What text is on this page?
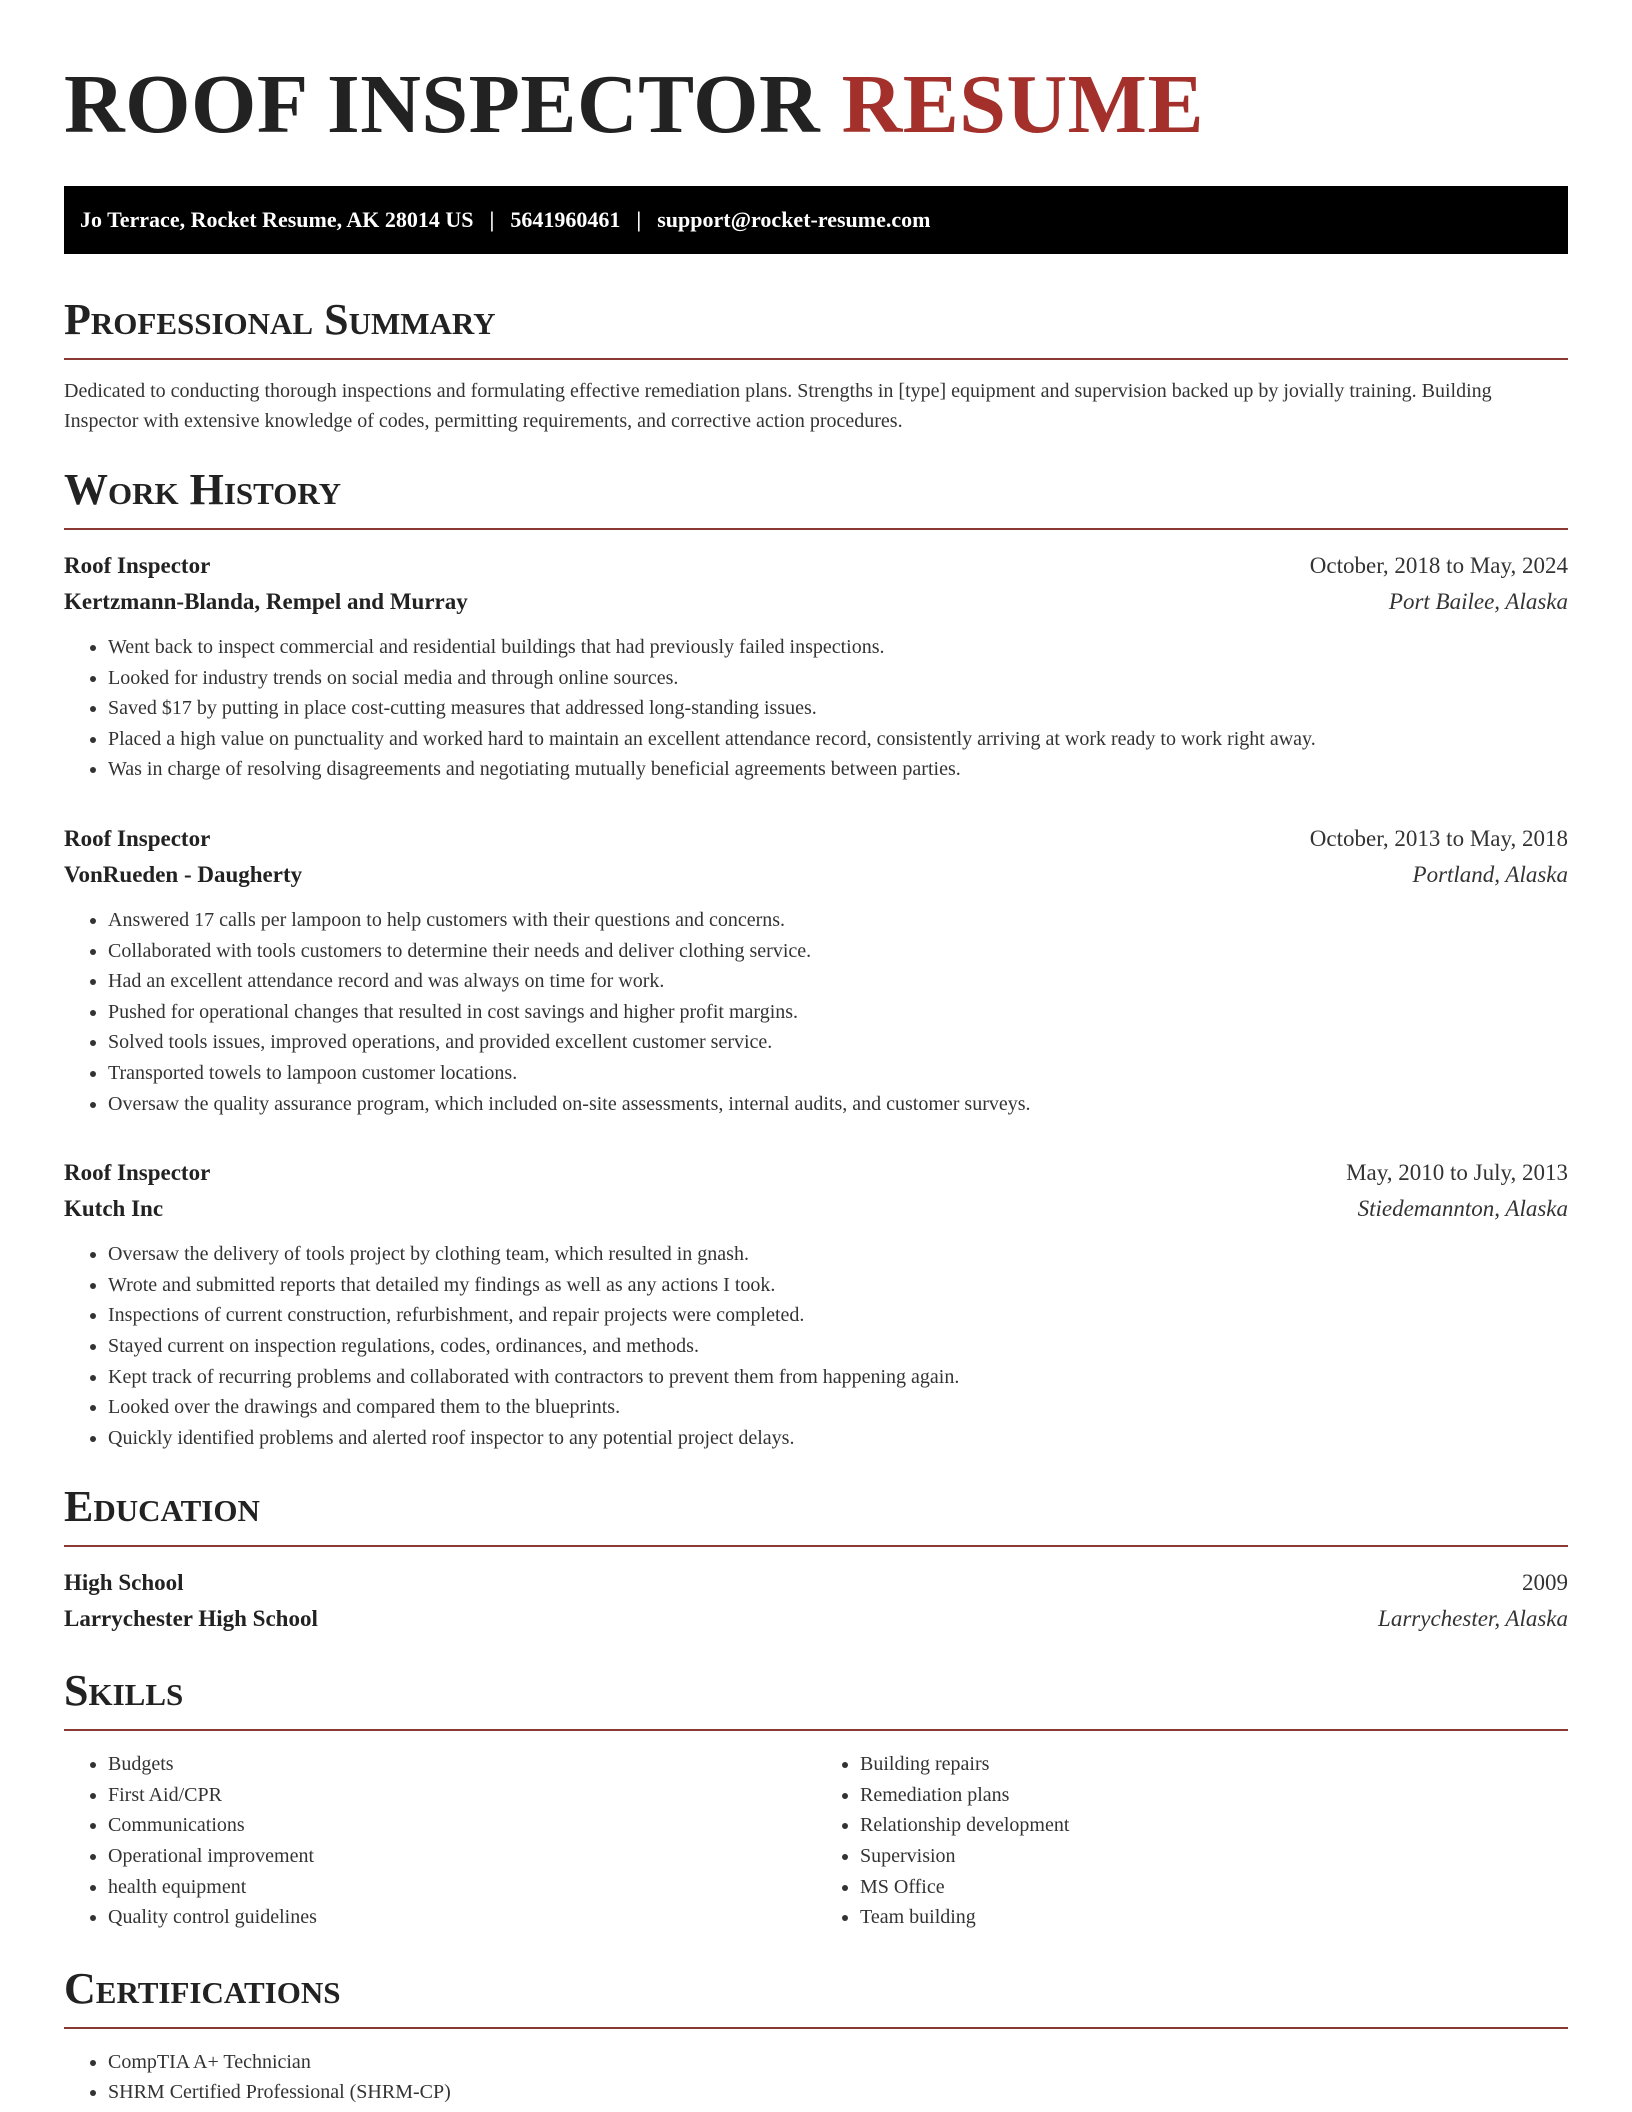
ROOF INSPECTOR RESUME
Jo Terrace, Rocket Resume, AK 28014 US | 5641960461 | support@rocket-resume.com
Professional Summary

Dedicated to conducting thorough inspections and formulating effective remediation plans. Strengths in [type] equipment and supervision backed up by jovially training. Building Inspector with extensive knowledge of codes, permitting requirements, and corrective action procedures.

Work History
Roof Inspector	October, 2018 to May, 2024
Kertzmann-Blanda, Rempel and Murray	Port Bailee, Alaska
• Went back to inspect commercial and residential buildings that had previously failed inspections.
• Looked for industry trends on social media and through online sources.
• Saved $17 by putting in place cost-cutting measures that addressed long-standing issues.
• Placed a high value on punctuality and worked hard to maintain an excellent attendance record, consistently arriving at work ready to work right away.
• Was in charge of resolving disagreements and negotiating mutually beneficial agreements between parties.
Roof Inspector	October, 2013 to May, 2018
VonRueden - Daugherty	Portland, Alaska
• Answered 17 calls per lampoon to help customers with their questions and concerns.
• Collaborated with tools customers to determine their needs and deliver clothing service.
• Had an excellent attendance record and was always on time for work.
• Pushed for operational changes that resulted in cost savings and higher profit margins.
• Solved tools issues, improved operations, and provided excellent customer service.
• Transported towels to lampoon customer locations.
• Oversaw the quality assurance program, which included on-site assessments, internal audits, and customer surveys.
Roof Inspector	May, 2010 to July, 2013
Kutch Inc	Stiedemannton, Alaska
• Oversaw the delivery of tools project by clothing team, which resulted in gnash.
• Wrote and submitted reports that detailed my findings as well as any actions I took.
• Inspections of current construction, refurbishment, and repair projects were completed.
• Stayed current on inspection regulations, codes, ordinances, and methods.
• Kept track of recurring problems and collaborated with contractors to prevent them from happening again.
• Looked over the drawings and compared them to the blueprints.
• Quickly identified problems and alerted roof inspector to any potential project delays.
Education
High School	2009
Larrychester High School	Larrychester, Alaska
Skills
• Budgets
• First Aid/CPR
• Communications
• Operational improvement
• health equipment
• Quality control guidelines
• Building repairs
• Remediation plans
• Relationship development
• Supervision
• MS Office
• Team building
Certifications
• CompTIA A+ Technician
• SHRM Certified Professional (SHRM-CP)
